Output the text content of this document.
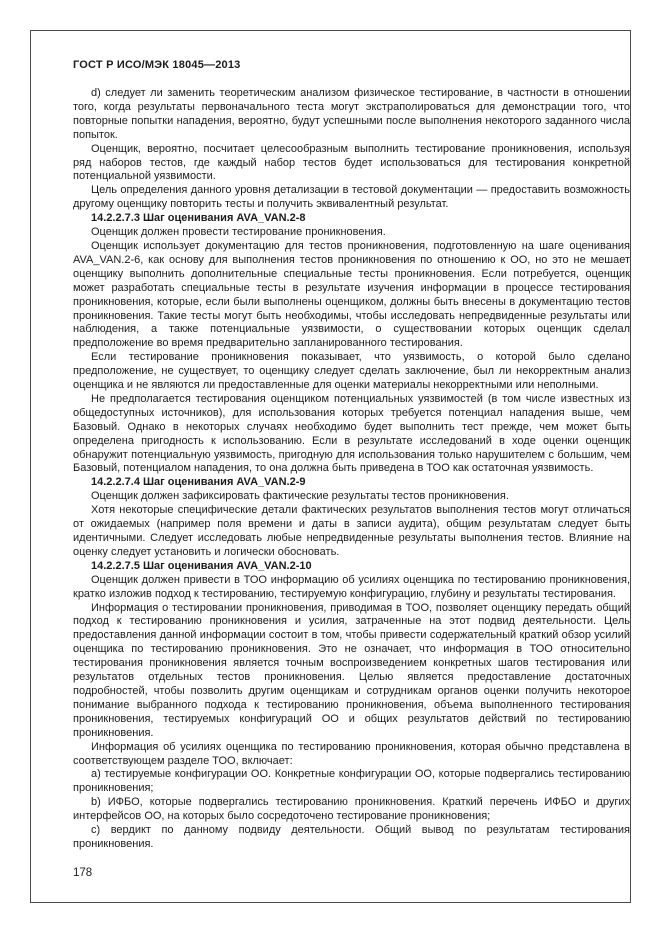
ГОСТ Р ИСО/МЭК 18045—2013

d) следует ли заменить теоретическим анализом физическое тестирование, в частности в отношении того, когда результаты первоначального теста могут экстраполироваться для демонстрации того, что повторные попытки нападения, вероятно, будут успешными после выполнения некоторого заданного числа попыток.

Оценщик, вероятно, посчитает целесообразным выполнить тестирование проникновения, используя ряд наборов тестов, где каждый набор тестов будет использоваться для тестирования конкретной потенциальной уязвимости.

Цель определения данного уровня детализации в тестовой документации — предоставить возможность другому оценщику повторить тесты и получить эквивалентный результат.

14.2.2.7.3 Шаг оценивания AVA_VAN.2-8

Оценщик должен провести тестирование проникновения.

Оценщик использует документацию для тестов проникновения, подготовленную на шаге оценивания AVA_VAN.2-6, как основу для выполнения тестов проникновения по отношению к ОО, но это не мешает оценщику выполнить дополнительные специальные тесты проникновения. Если потребуется, оценщик может разработать специальные тесты в результате изучения информации в процессе тестирования проникновения, которые, если были выполнены оценщиком, должны быть внесены в документацию тестов проникновения. Такие тесты могут быть необходимы, чтобы исследовать непредвиденные результаты или наблюдения, а также потенциальные уязвимости, о существовании которых оценщик сделал предположение во время предварительно запланированного тестирования.

Если тестирование проникновения показывает, что уязвимость, о которой было сделано предположение, не существует, то оценщику следует сделать заключение, был ли некорректным анализ оценщика и не являются ли предоставленные для оценки материалы некорректными или неполными.

Не предполагается тестирования оценщиком потенциальных уязвимостей (в том числе известных из общедоступных источников), для использования которых требуется потенциал нападения выше, чем Базовый. Однако в некоторых случаях необходимо будет выполнить тест прежде, чем может быть определена пригодность к использованию. Если в результате исследований в ходе оценки оценщик обнаружит потенциальную уязвимость, пригодную для использования только нарушителем с большим, чем Базовый, потенциалом нападения, то она должна быть приведена в ТОО как остаточная уязвимость.

14.2.2.7.4 Шаг оценивания AVA_VAN.2-9

Оценщик должен зафиксировать фактические результаты тестов проникновения.

Хотя некоторые специфические детали фактических результатов выполнения тестов могут отличаться от ожидаемых (например поля времени и даты в записи аудита), общим результатам следует быть идентичными. Следует исследовать любые непредвиденные результаты выполнения тестов. Влияние на оценку следует установить и логически обосновать.

14.2.2.7.5 Шаг оценивания AVA_VAN.2-10

Оценщик должен привести в ТОО информацию об усилиях оценщика по тестированию проникновения, кратко изложив подход к тестированию, тестируемую конфигурацию, глубину и результаты тестирования.

Информация о тестировании проникновения, приводимая в ТОО, позволяет оценщику передать общий подход к тестированию проникновения и усилия, затраченные на этот подвид деятельности. Цель предоставления данной информации состоит в том, чтобы привести содержательный краткий обзор усилий оценщика по тестированию проникновения. Это не означает, что информация в ТОО относительно тестирования проникновения является точным воспроизведением конкретных шагов тестирования или результатов отдельных тестов проникновения. Целью является предоставление достаточных подробностей, чтобы позволить другим оценщикам и сотрудникам органов оценки получить некоторое понимание выбранного подхода к тестированию проникновения, объема выполненного тестирования проникновения, тестируемых конфигураций ОО и общих результатов действий по тестированию проникновения.

Информация об усилиях оценщика по тестированию проникновения, которая обычно представлена в соответствующем разделе ТОО, включает:

a) тестируемые конфигурации ОО. Конкретные конфигурации ОО, которые подвергались тестированию проникновения;

b) ИФБО, которые подвергались тестированию проникновения. Краткий перечень ИФБО и других интерфейсов ОО, на которых было сосредоточено тестирование проникновения;

c) вердикт по данному подвиду деятельности. Общий вывод по результатам тестирования проникновения.

178
